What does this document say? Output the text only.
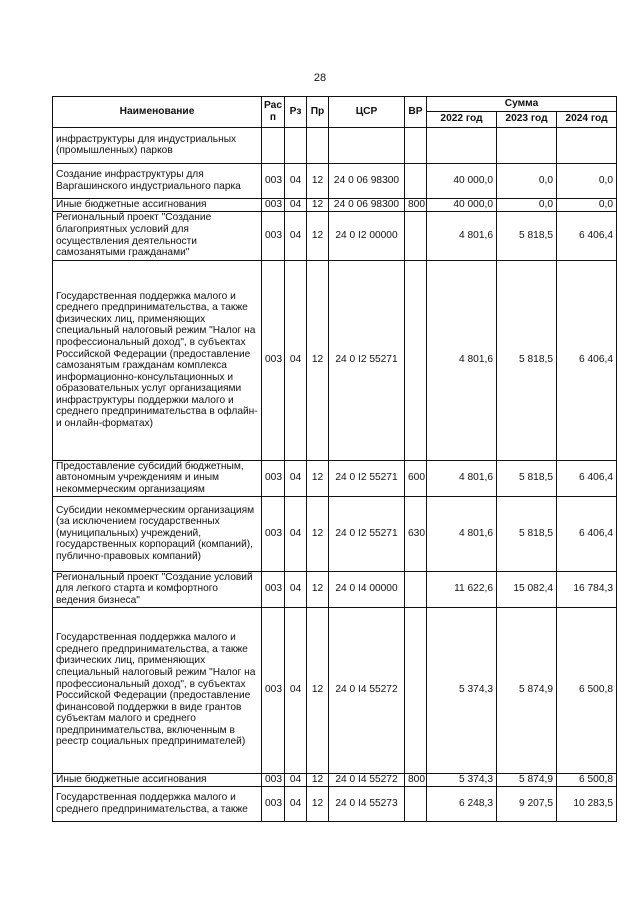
28
Наименование	Рас п	Рз	Пр	ЦСР	ВР	Сумма		
						2022 год	2023 год	2024 год
инфраструктуры для индустриальных (промышленных) парков								
Создание инфраструктуры для Варгашинского индустриального парка	003	04	12	24 0 06 98300		40 000,0	0,0	0,0
Иные бюджетные ассигнования	003	04	12	24 0 06 98300	800	40 000,0	0,0	0,0
Региональный проект "Создание благоприятных условий для осуществления деятельности самозанятыми гражданами"	003	04	12	24 0 I2 00000		4 801,6	5 818,5	6 406,4
Государственная поддержка малого и среднего предпринимательства, а также физических лиц, применяющих специальный налоговый режим "Налог на профессиональный доход", в субъектах Российской Федерации (предоставление самозанятым гражданам комплекса информационно-консультационных и образовательных услуг организациями инфраструктуры поддержки малого и среднего предпринимательства в офлайн- и онлайн-форматах)	003	04	12	24 0 I2 55271		4 801,6	5 818,5	6 406,4
Предоставление субсидий бюджетным, автономным учреждениям и иным некоммерческим организациям	003	04	12	24 0 I2 55271	600	4 801,6	5 818,5	6 406,4
Субсидии некоммерческим организациям (за исключением государственных (муниципальных) учреждений, государственных корпораций (компаний), публично-правовых компаний)	003	04	12	24 0 I2 55271	630	4 801,6	5 818,5	6 406,4
Региональный проект "Создание условий для легкого старта и комфортного ведения бизнеса"	003	04	12	24 0 I4 00000		11 622,6	15 082,4	16 784,3
Государственная поддержка малого и среднего предпринимательства, а также физических лиц, применяющих специальный налоговый режим "Налог на профессиональный доход", в субъектах Российской Федерации (предоставление финансовой поддержки в виде грантов субъектам малого и среднего предпринимательства, включенным в реестр социальных предпринимателей)	003	04	12	24 0 I4 55272		5 374,3	5 874,9	6 500,8
Иные бюджетные ассигнования	003	04	12	24 0 I4 55272	800	5 374,3	5 874,9	6 500,8
Государственная поддержка малого и среднего предпринимательства, а также	003	04	12	24 0 I4 55273		6 248,3	9 207,5	10 283,5
